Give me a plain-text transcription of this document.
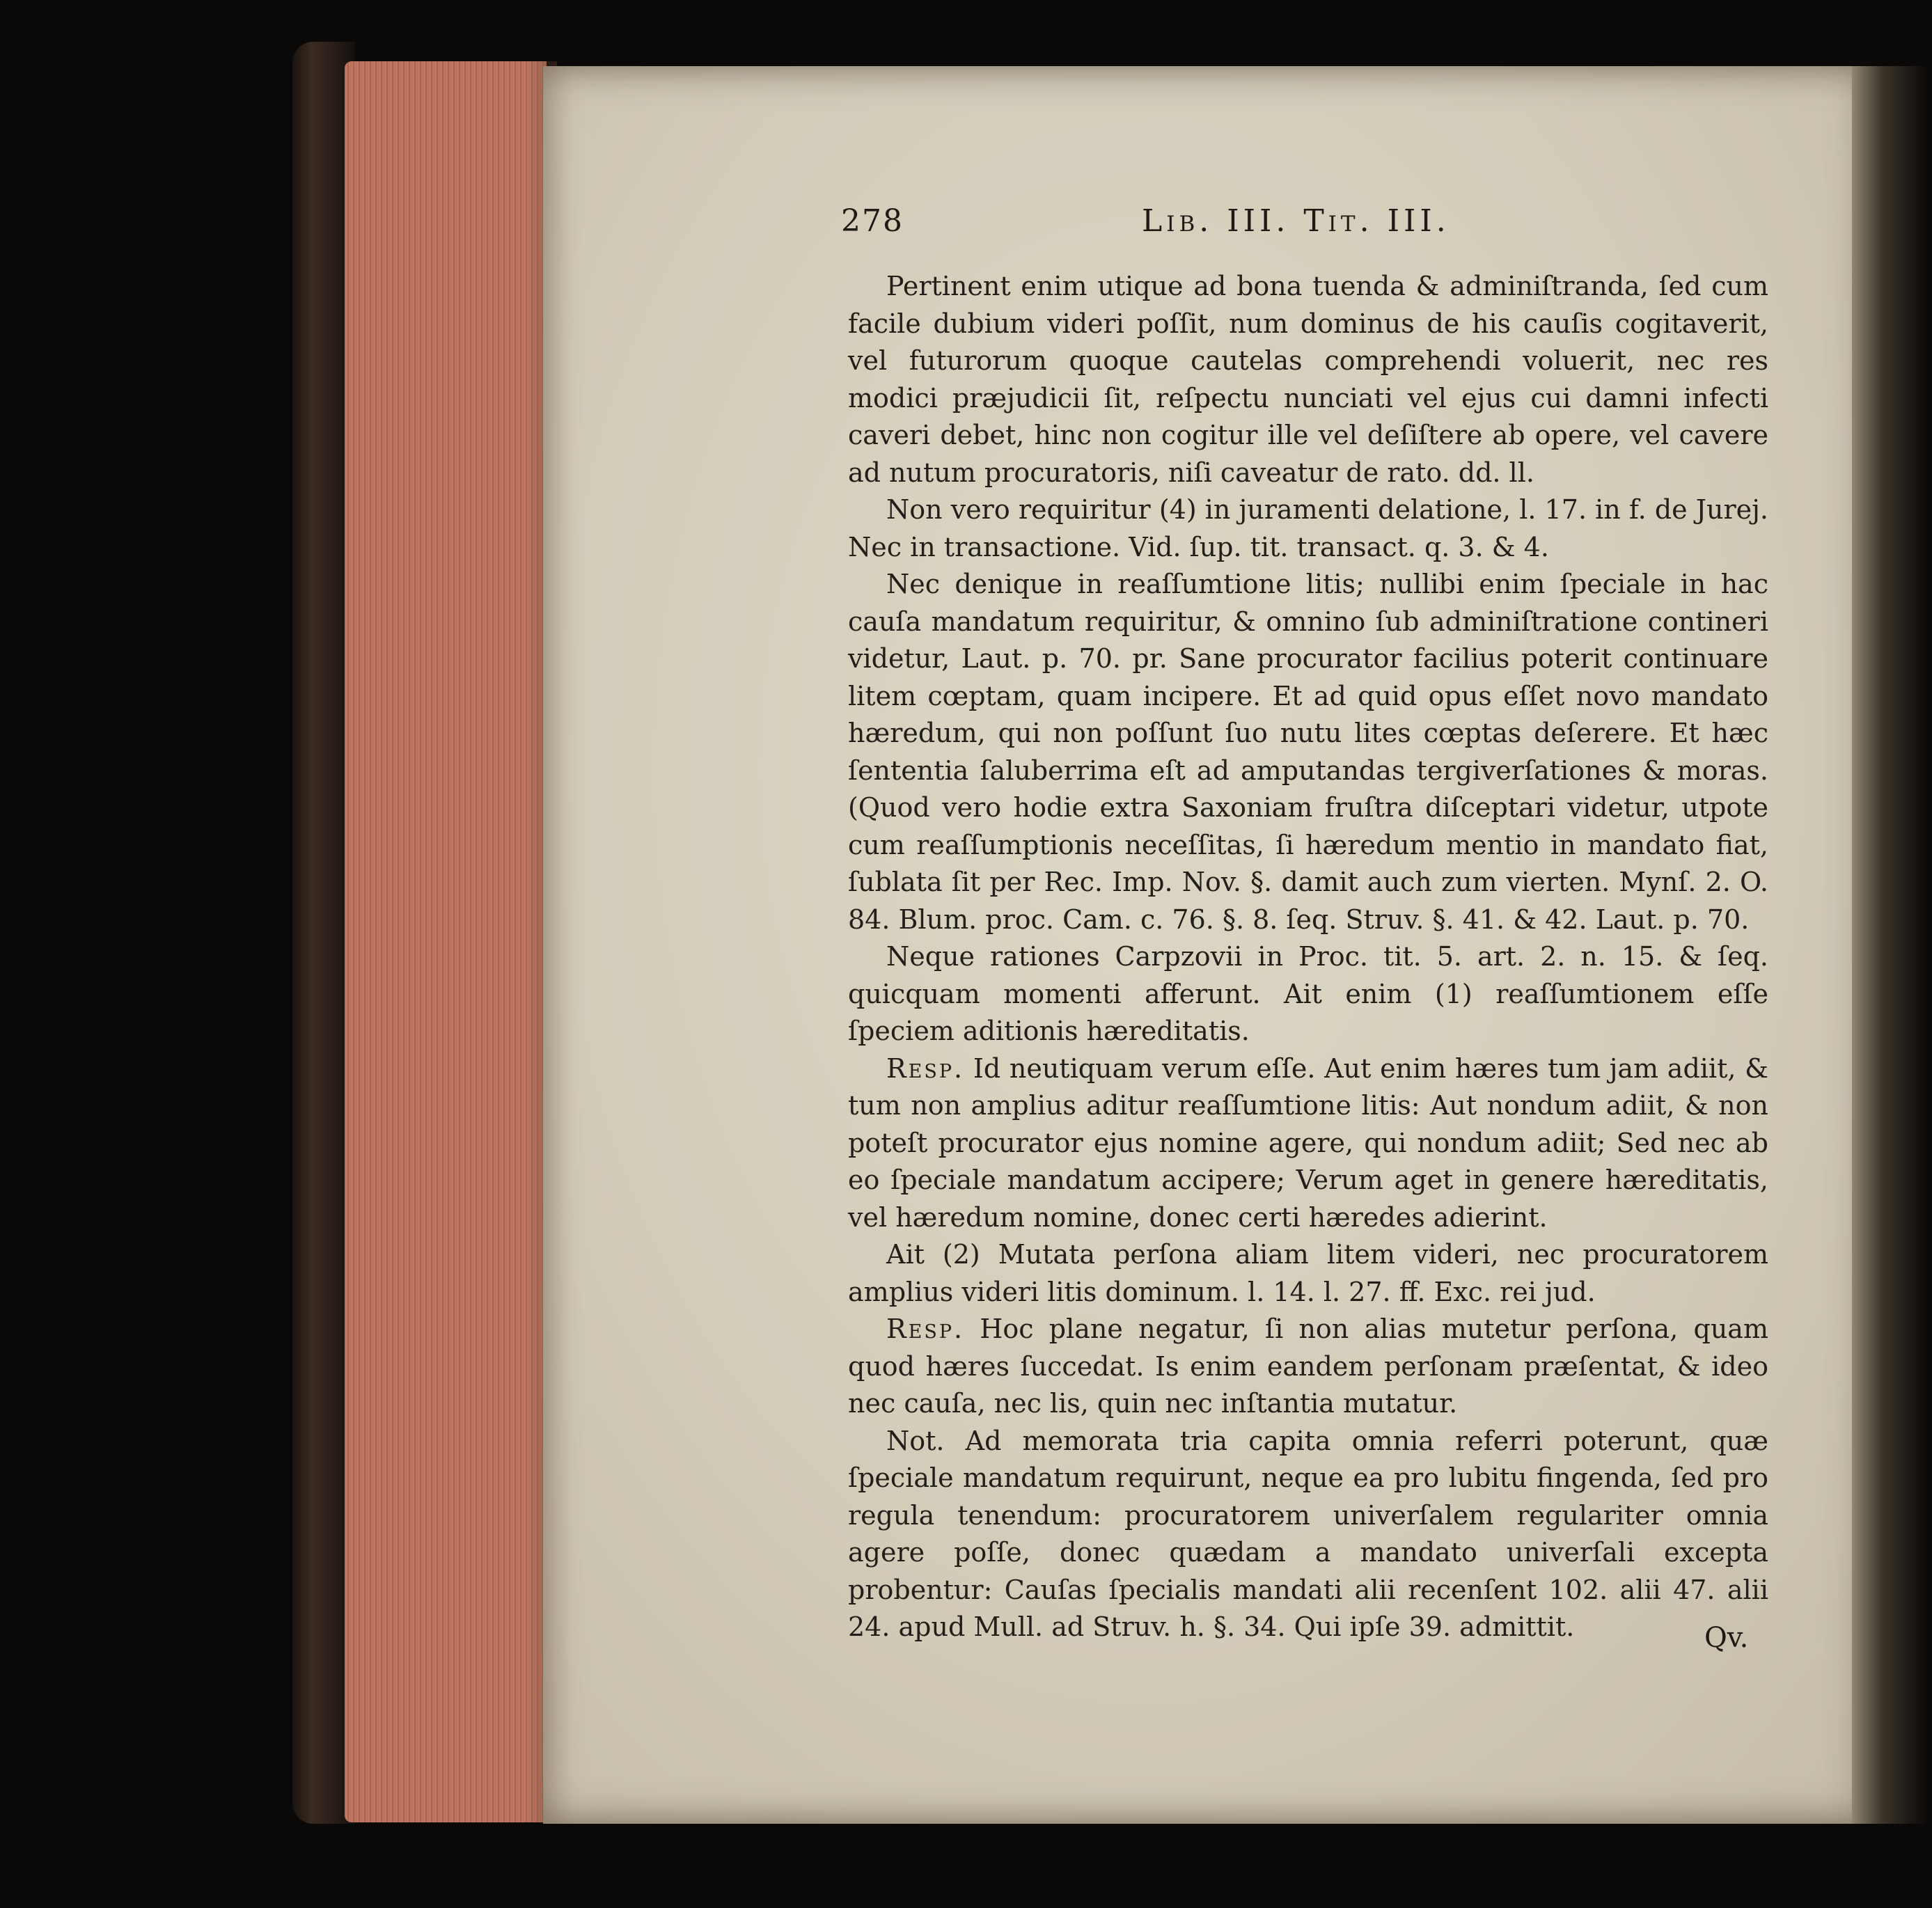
278	Lib. III. Tit. III.

Pertinent enim utique ad bona tuenda & adminiſtranda, ſed cum facile dubium videri poſſit, num dominus de his cauſis cogitaverit, vel futurorum quoque cautelas comprehendi voluerit, nec res modici præjudicii ſit, reſpectu nunciati vel ejus cui damni infecti caveri debet, hinc non cogitur ille vel deſiſtere ab opere, vel cavere ad nutum procuratoris, niſi caveatur de rato. dd. ll.

Non vero requiritur (4) in juramenti delatione, l. 17. in f. de Jurej. Nec in transactione. Vid. ſup. tit. transact. q. 3. & 4.

Nec denique in reaſſumtione litis; nullibi enim ſpeciale in hac cauſa mandatum requiritur, & omnino ſub adminiſtratione contineri videtur, Laut. p. 70. pr. Sane procurator facilius poterit continuare litem cœptam, quam incipere. Et ad quid opus eſſet novo mandato hæredum, qui non poſſunt ſuo nutu lites cœptas deſerere. Et hæc ſententia ſaluberrima eſt ad amputandas tergiverſationes & moras. (Quod vero hodie extra Saxoniam fruſtra diſceptari videtur, utpote cum reaſſumptionis neceſſitas, ſi hæredum mentio in mandato fiat, ſublata ſit per Rec. Imp. Nov. §. damit auch zum vierten. Mynſ. 2. O. 84. Blum. proc. Cam. c. 76. §. 8. ſeq. Struv. §. 41. & 42. Laut. p. 70.

Neque rationes Carpzovii in Proc. tit. 5. art. 2. n. 15. & ſeq. quicquam momenti afferunt. Ait enim (1) reaſſumtionem eſſe ſpeciem aditionis hæreditatis.

Resp. Id neutiquam verum eſſe. Aut enim hæres tum jam adiit, & tum non amplius aditur reaſſumtione litis: Aut nondum adiit, & non poteſt procurator ejus nomine agere, qui nondum adiit; Sed nec ab eo ſpeciale mandatum accipere; Verum aget in genere hæreditatis, vel hæredum nomine, donec certi hæredes adierint.

Ait (2) Mutata perſona aliam litem videri, nec procuratorem amplius videri litis dominum. l. 14. l. 27. ff. Exc. rei jud.

Resp. Hoc plane negatur, ſi non alias mutetur perſona, quam quod hæres ſuccedat. Is enim eandem perſonam præſentat, & ideo nec cauſa, nec lis, quin nec inſtantia mutatur.

Not. Ad memorata tria capita omnia referri poterunt, quæ ſpeciale mandatum requirunt, neque ea pro lubitu fingenda, ſed pro regula tenendum: procuratorem univerſalem regulariter omnia agere poſſe, donec quædam a mandato univerſali excepta probentur: Cauſas ſpecialis mandati alii recenſent 102. alii 47. alii 24. apud Mull. ad Struv. h. §. 34. Qui ipſe 39. admittit.	Qv.
